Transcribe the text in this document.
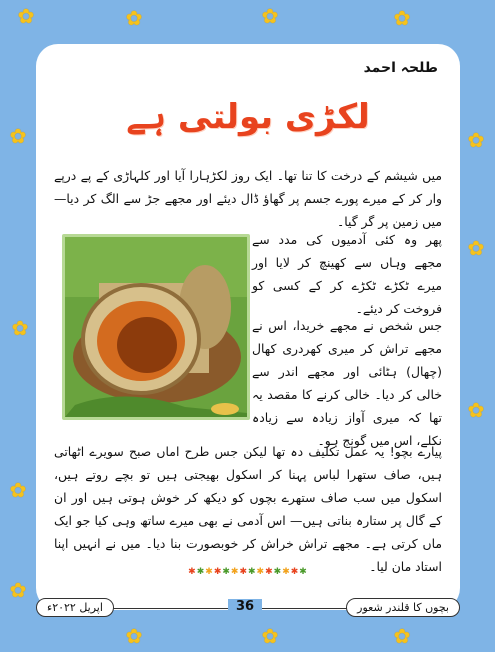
✿	✿	✿	✿
✿	✿
✿
✿
✿
✿
✿
✿	✿	✿
طلحہ احمد
لکڑی بولتی ہے
میں شیشم کے درخت کا تنا تھا۔ ایک روز لکڑہارا آیا اور کلہاڑی کے پے درپے وار کر کے میرے پورے جسم پر گھاؤ ڈال دیئے اور مجھے جڑ سے الگ کر دیا— میں زمین پر گر گیا۔
پھر وہ کئی آدمیوں کی مدد سے مجھے وہاں سے کھینچ کر لایا اور میرے ٹکڑے ٹکڑے کر کے کسی کو فروخت کر دیئے۔
جس شخص نے مجھے خریدا، اس نے مجھے تراش کر میری کھردری کھال (چھال) ہٹائی اور مجھے اندر سے خالی کر دیا۔ خالی کرنے کا مقصد یہ تھا کہ میری آواز زیادہ سے زیادہ نکلے، اس میں گونج ہو۔
پیارے بچو! یہ عمل تکلیف دہ تھا لیکن جس طرح اماں صبح سویرے اٹھاتی ہیں، صاف ستھرا لباس پہنا کر اسکول بھیجتی ہیں تو بچے روتے ہیں، اسکول میں سب صاف ستھرے بچوں کو دیکھ کر خوش ہوتی ہیں اور ان کے گال پر ستارہ بناتی ہیں— اس آدمی نے بھی میرے ساتھ وہی کیا جو ایک ماں کرتی ہے۔ مجھے تراش خراش کر خوبصورت بنا دیا۔ میں نے انہیں اپنا استاد مان لیا۔
✱✱✱✱✱✱✱✱✱✱✱✱✱✱
اپریل ۲۰۲۲ء	36	بچوں کا قلندر شعور
